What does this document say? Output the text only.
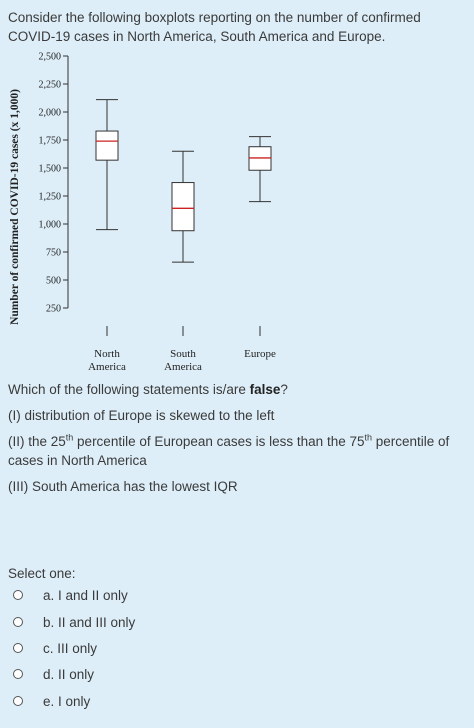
Consider the following boxplots reporting on the number of confirmed COVID-19 cases in North America, South America and Europe.
2,500
2,250
2,000
1,750
1,500
1,250
1,000
750
500
250
Number of confirmed COVID-19 cases (x 1,000)
North America
South America
Europe
Which of the following statements is/are false?
(I) distribution of Europe is skewed to the left
(II) the 25th percentile of European cases is less than the 75th percentile of cases in North America
(III) South America has the lowest IQR
Select one:
a. I and II only
b. II and III only
c. III only
d. II only
e. I only
